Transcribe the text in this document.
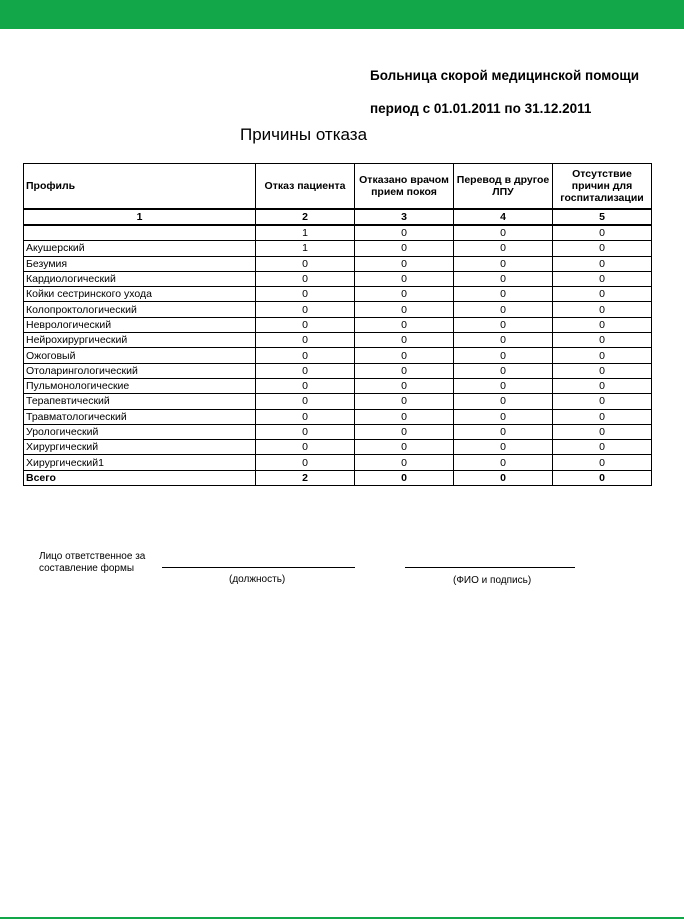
Больница скорой медицинской помощи
период с 01.01.2011 по 31.12.2011
Причины отказа
Профиль	Отказ пациента	Отказано врачом прием покоя	Перевод в другое ЛПУ	Отсутствие причин для госпитализации
1	2	3	4	5
	1	0	0	0
Акушерский	1	0	0	0
Безумия	0	0	0	0
Кардиологический	0	0	0	0
Койки сестринского ухода	0	0	0	0
Колопроктологический	0	0	0	0
Неврологический	0	0	0	0
Нейрохирургический	0	0	0	0
Ожоговый	0	0	0	0
Отоларингологический	0	0	0	0
Пульмонологические	0	0	0	0
Терапевтический	0	0	0	0
Травматологический	0	0	0	0
Урологический	0	0	0	0
Хирургический	0	0	0	0
Хирургический1	0	0	0	0
Всего	2	0	0	0
Лицо ответственное за
составление формы
(должность)	(ФИО и подпись)
